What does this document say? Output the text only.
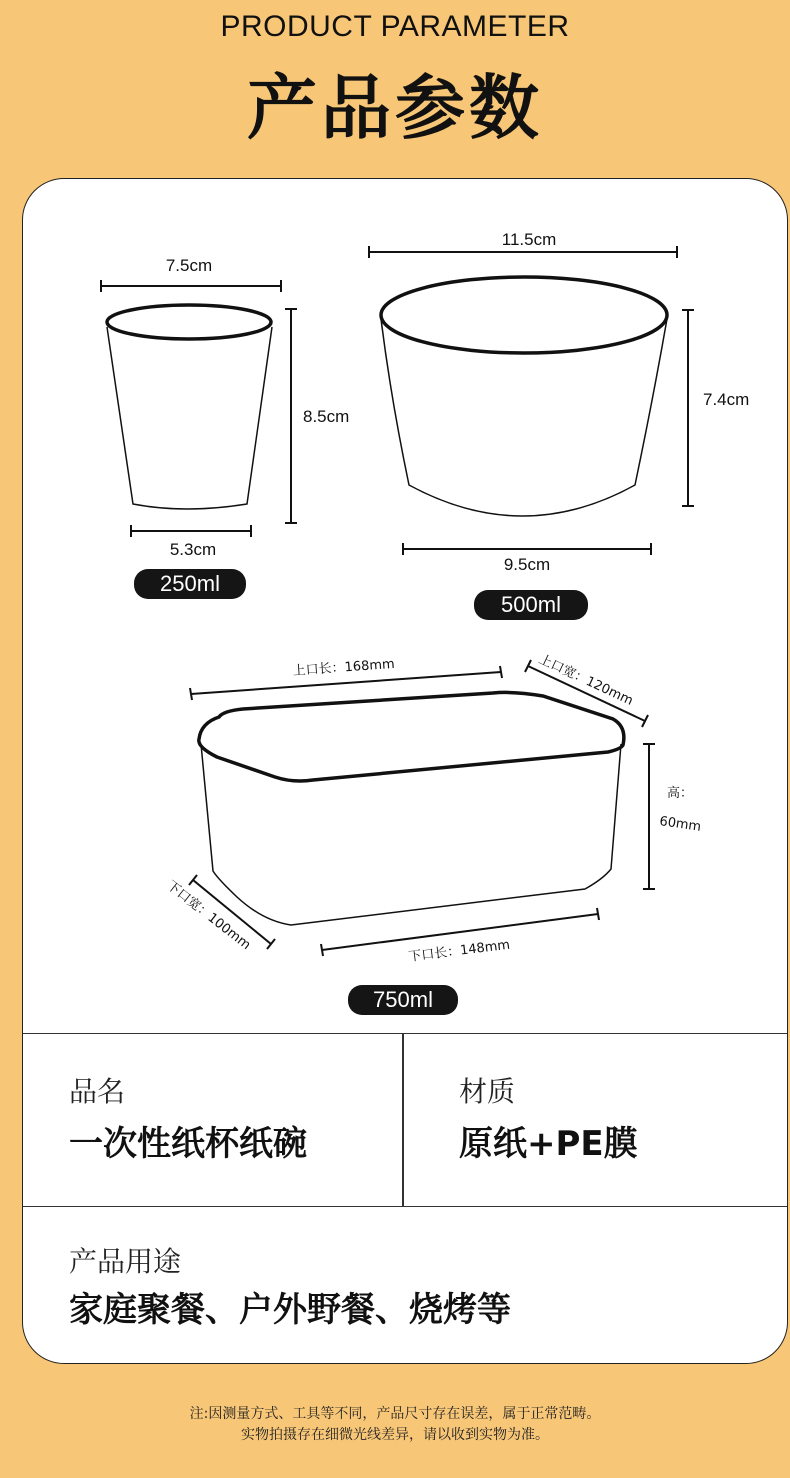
PRODUCT PARAMETER
产品参数
7.5cm
8.5cm
5.3cm
11.5cm
7.4cm
9.5cm
上口长：168mm	上口宽：120mm
高：
60mm
下口宽：100mm	下口长：148mm
250ml
500ml
750ml
品名
一次性纸杯纸碗
材质
原纸+PE膜
产品用途
家庭聚餐、户外野餐、烧烤等
注:因测量方式、工具等不同，产品尺寸存在误差，属于正常范畴。
实物拍摄存在细微光线差异，请以收到实物为准。
